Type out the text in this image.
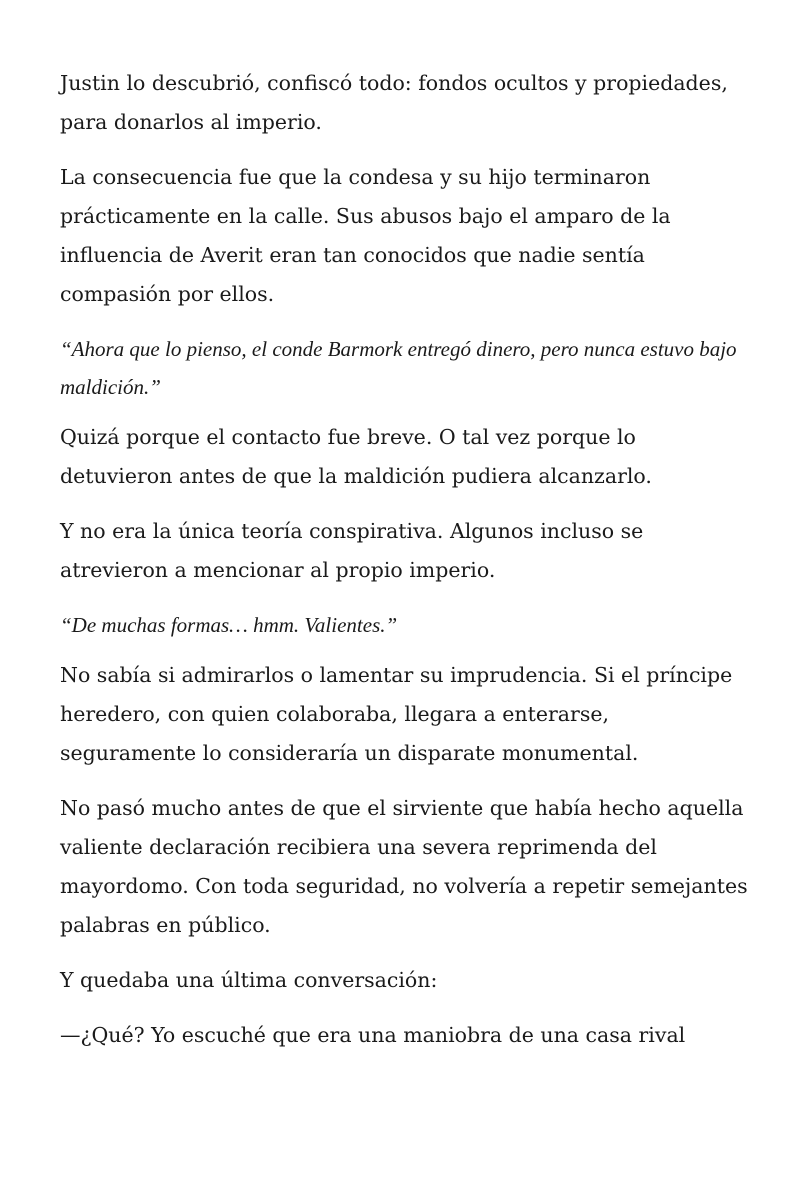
Justin lo descubrió, confiscó todo: fondos ocultos y propiedades, para donarlos al imperio.

La consecuencia fue que la condesa y su hijo terminaron prácticamente en la calle. Sus abusos bajo el amparo de la influencia de Averit eran tan conocidos que nadie sentía compasión por ellos.

“Ahora que lo pienso, el conde Barmork entregó dinero, pero nunca estuvo bajo maldición.”

Quizá porque el contacto fue breve. O tal vez porque lo detuvieron antes de que la maldición pudiera alcanzarlo.

Y no era la única teoría conspirativa. Algunos incluso se atrevieron a mencionar al propio imperio.

“De muchas formas… hmm. Valientes.”

No sabía si admirarlos o lamentar su imprudencia. Si el príncipe heredero, con quien colaboraba, llegara a enterarse, seguramente lo consideraría un disparate monumental.

No pasó mucho antes de que el sirviente que había hecho aquella valiente declaración recibiera una severa reprimenda del mayordomo. Con toda seguridad, no volvería a repetir semejantes palabras en público.

Y quedaba una última conversación:

—¿Qué? Yo escuché que era una maniobra de una casa rival
